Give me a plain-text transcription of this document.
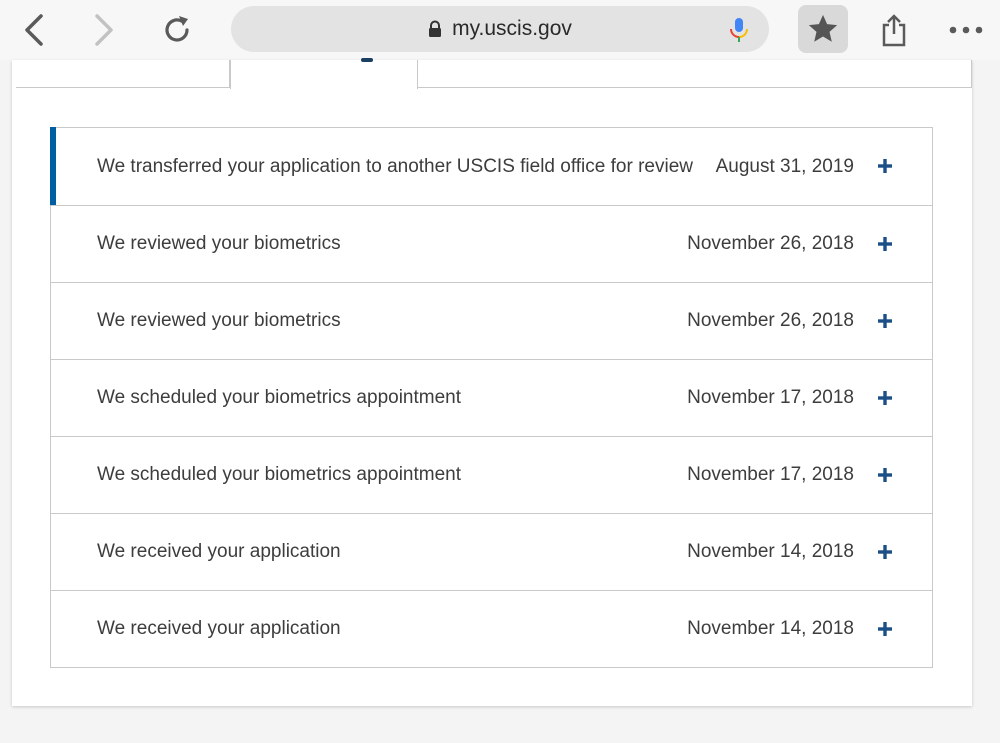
my.uscis.gov
We transferred your application to another USCIS field office for review August 31, 2019
We reviewed your biometrics	November 26, 2018
We reviewed your biometrics	November 26, 2018
We scheduled your biometrics appointment	November 17, 2018
We scheduled your biometrics appointment	November 17, 2018
We received your application	November 14, 2018
We received your application	November 14, 2018
